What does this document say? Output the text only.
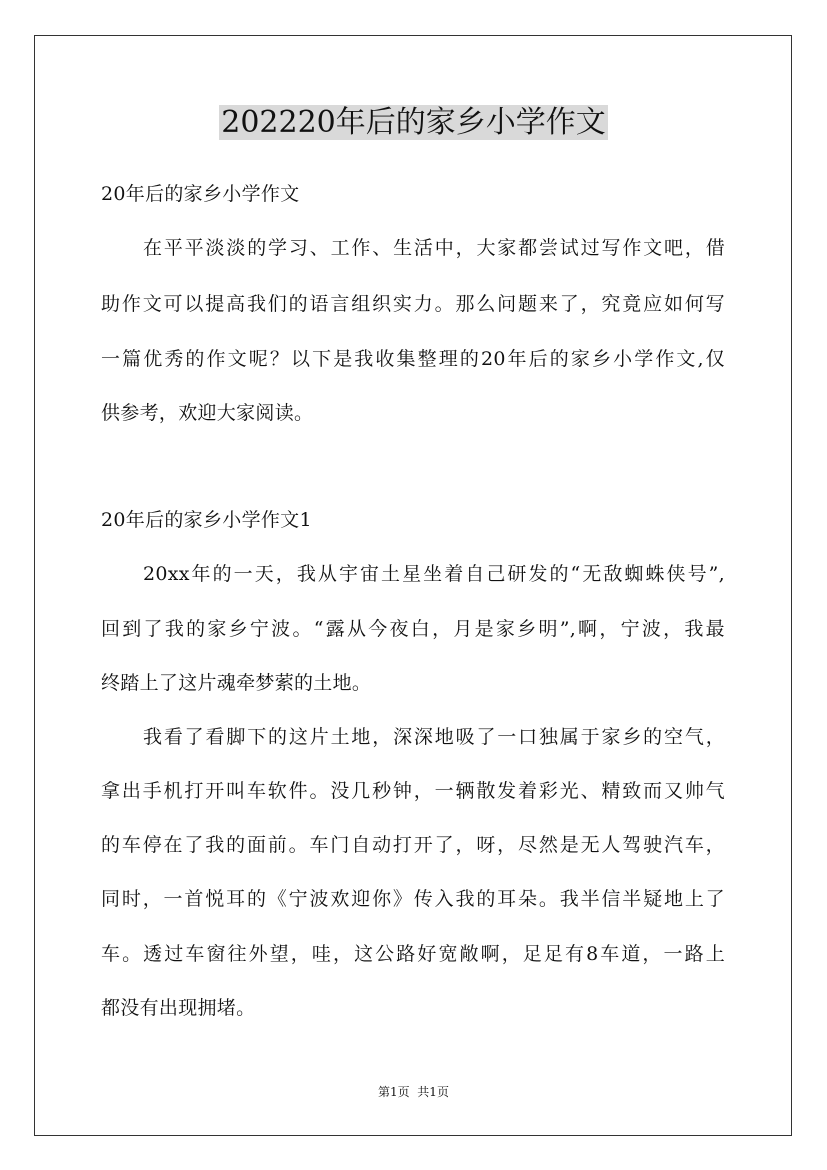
202220年后的家乡小学作文
20年后的家乡小学作文
在平平淡淡的学习、工作、生活中，大家都尝试过写作文吧，借
助作文可以提高我们的语言组织实力。那么问题来了，究竟应如何写
一篇优秀的作文呢？以下是我收集整理的20年后的家乡小学作文,仅
供参考，欢迎大家阅读。
20年后的家乡小学作文1
20xx年的一天，我从宇宙土星坐着自己研发的“无敌蜘蛛侠号”,
回到了我的家乡宁波。“露从今夜白，月是家乡明”,啊，宁波，我最
终踏上了这片魂牵梦萦的土地。
我看了看脚下的这片土地，深深地吸了一口独属于家乡的空气，
拿出手机打开叫车软件。没几秒钟，一辆散发着彩光、精致而又帅气
的车停在了我的面前。车门自动打开了，呀，尽然是无人驾驶汽车，
同时，一首悦耳的《宁波欢迎你》传入我的耳朵。我半信半疑地上了
车。透过车窗往外望，哇，这公路好宽敞啊，足足有8车道，一路上
都没有出现拥堵。
第1页  共1页
